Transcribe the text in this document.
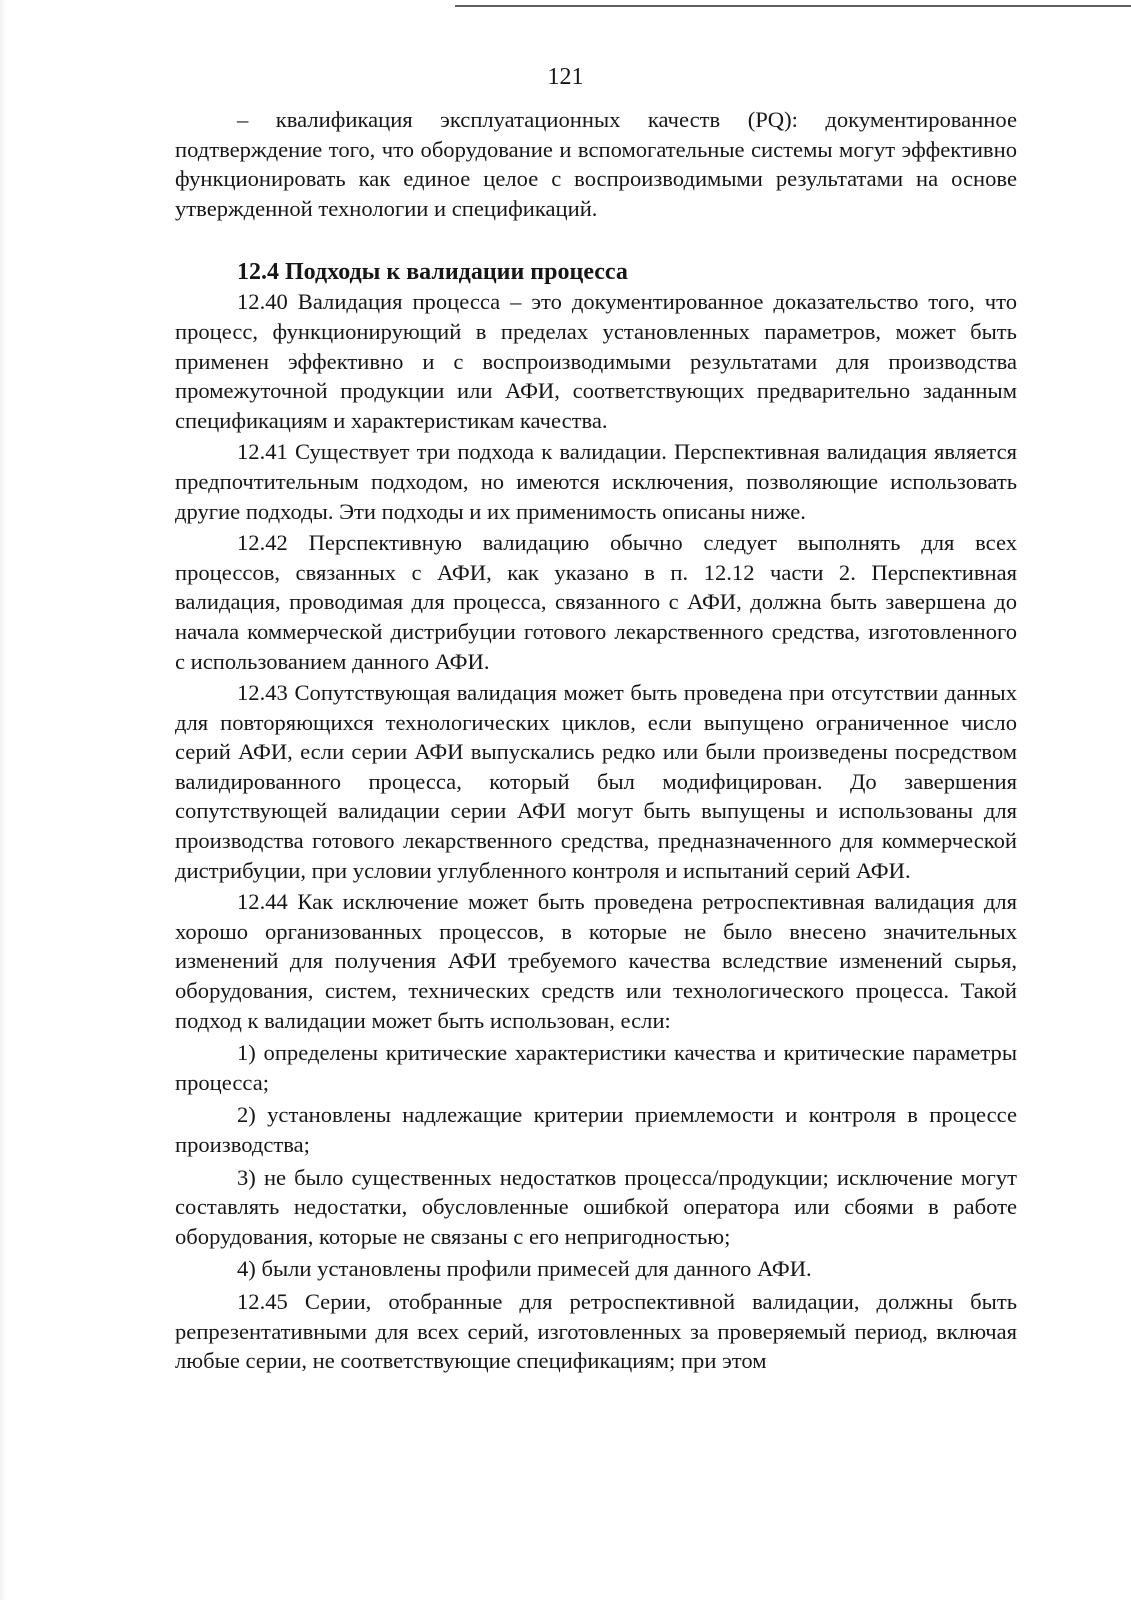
121

– квалификация эксплуатационных качеств (PQ): документированное подтверждение того, что оборудование и вспомогательные системы могут эффективно функционировать как единое целое с воспроизводимыми результатами на основе утвержденной технологии и спецификаций.

12.4 Подходы к валидации процесса

12.40 Валидация процесса – это документированное доказательство того, что процесс, функционирующий в пределах установленных параметров, может быть применен эффективно и с воспроизводимыми результатами для производства промежуточной продукции или АФИ, соответствующих предварительно заданным спецификациям и характеристикам качества.

12.41 Существует три подхода к валидации. Перспективная валидация является предпочтительным подходом, но имеются исключения, позволяющие использовать другие подходы. Эти подходы и их применимость описаны ниже.

12.42 Перспективную валидацию обычно следует выполнять для всех процессов, связанных с АФИ, как указано в п. 12.12 части 2. Перспективная валидация, проводимая для процесса, связанного с АФИ, должна быть завершена до начала коммерческой дистрибуции готового лекарственного средства, изготовленного с использованием данного АФИ.

12.43 Сопутствующая валидация может быть проведена при отсутствии данных для повторяющихся технологических циклов, если выпущено ограниченное число серий АФИ, если серии АФИ выпускались редко или были произведены посредством валидированного процесса, который был модифицирован. До завершения сопутствующей валидации серии АФИ могут быть выпущены и использованы для производства готового лекарственного средства, предназначенного для коммерческой дистрибуции, при условии углубленного контроля и испытаний серий АФИ.

12.44 Как исключение может быть проведена ретроспективная валидация для хорошо организованных процессов, в которые не было внесено значительных изменений для получения АФИ требуемого качества вследствие изменений сырья, оборудования, систем, технических средств или технологического процесса. Такой подход к валидации может быть использован, если:

1) определены критические характеристики качества и критические параметры процесса;

2) установлены надлежащие критерии приемлемости и контроля в процессе производства;

3) не было существенных недостатков процесса/продукции; исключение могут составлять недостатки, обусловленные ошибкой оператора или сбоями в работе оборудования, которые не связаны с его непригодностью;

4) были установлены профили примесей для данного АФИ.

12.45 Серии, отобранные для ретроспективной валидации, должны быть репрезентативными для всех серий, изготовленных за проверяемый период, включая любые серии, не соответствующие спецификациям; при этом
